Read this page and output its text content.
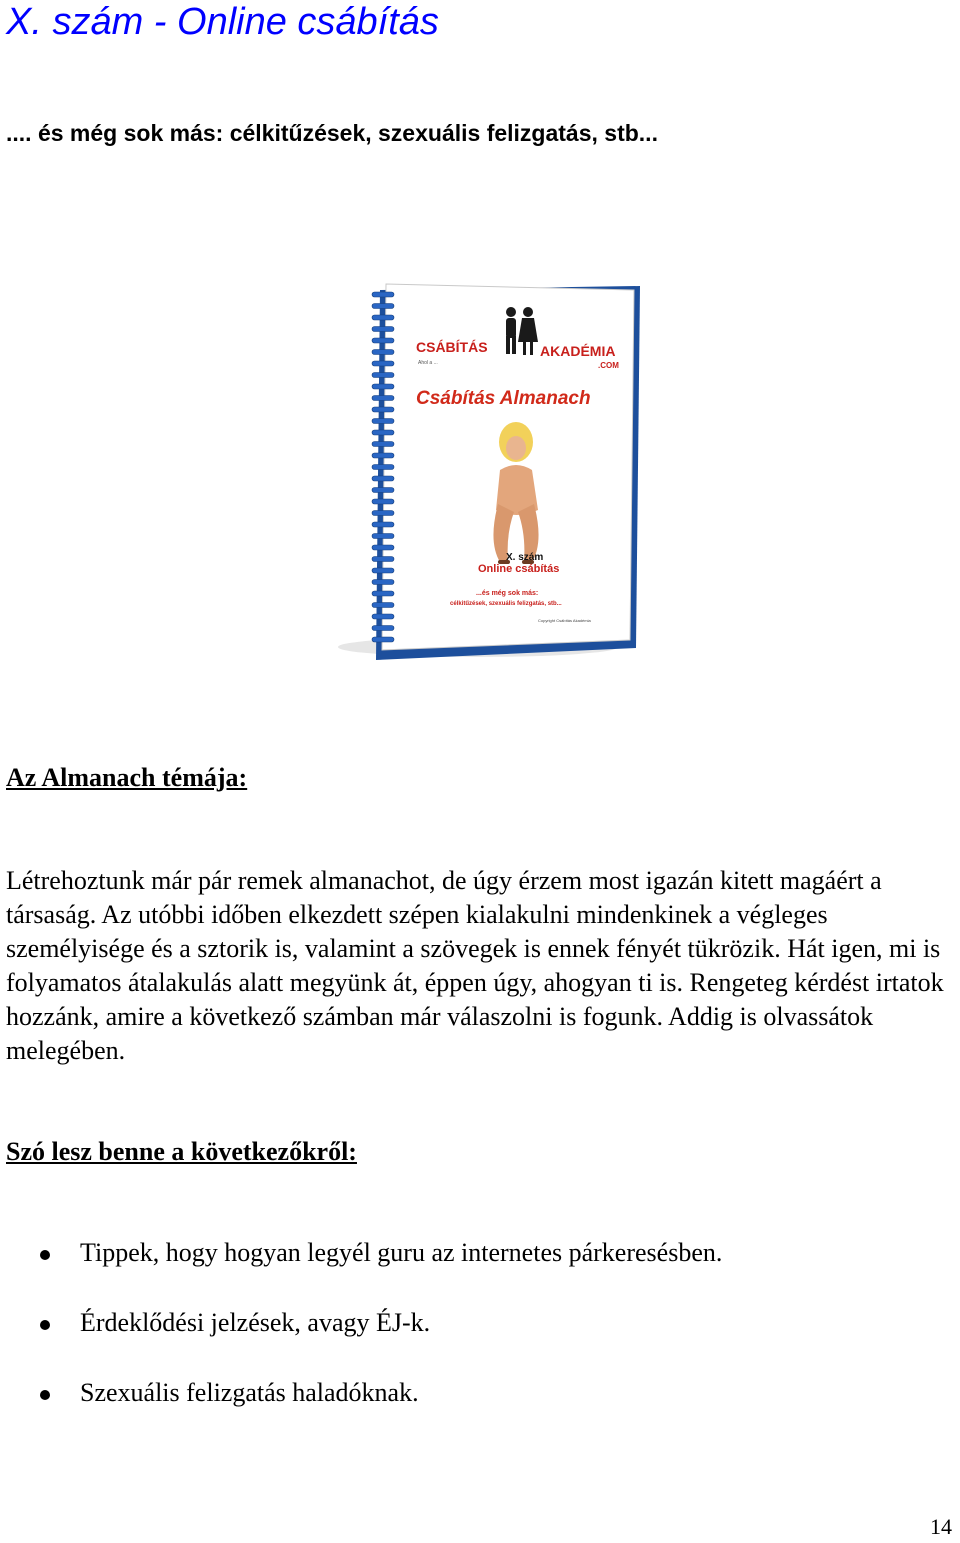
X. szám - Online csábítás

.... és még sok más: célkitűzések, szexuális felizgatás, stb...

CSÁBÍTÁS	AKADÉMIA
.COM
Ahol a ...
Csábítás Almanach
X. szám
Online csábítás
...és még sok más:
célkitűzések, szexuális felizgatás, stb...
Copyright Csábítás Akadémia
Az Almanach témája:

Létrehoztunk már pár remek almanachot, de úgy érzem most igazán kitett magáért a társaság. Az utóbbi időben elkezdett szépen kialakulni mindenkinek a végleges személyisége és a sztorik is, valamint a szövegek is ennek fényét tükrözik. Hát igen, mi is folyamatos átalakulás alatt megyünk át, éppen úgy, ahogyan ti is. Rengeteg kérdést irtatok hozzánk, amire a következő számban már válaszolni is fogunk. Addig is olvassátok melegében.

Szó lesz benne a következőkről:
Tippek, hogy hogyan legyél guru az internetes párkeresésben.
Érdeklődési jelzések, avagy ÉJ-k.
Szexuális felizgatás haladóknak.
14
